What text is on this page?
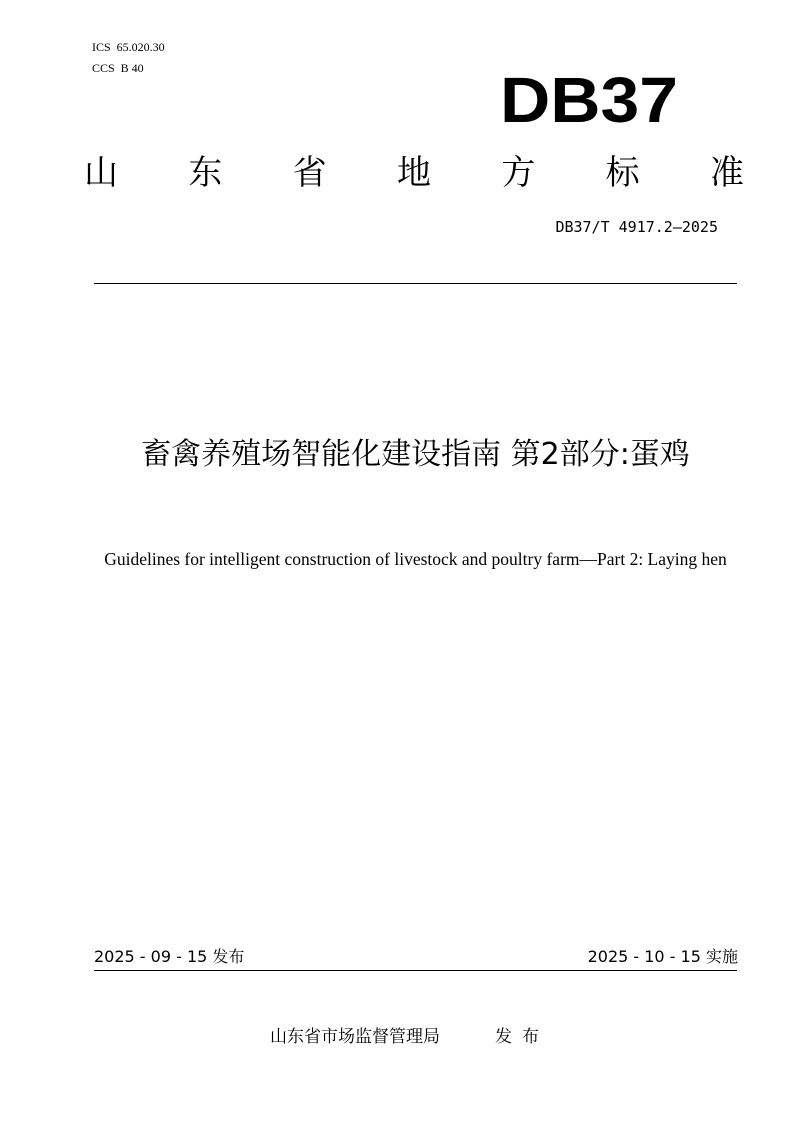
ICS  65.020.30
CCS  B 40	DB37
山 东 省 地 方 标 准
DB37/T 4917.2—2025
畜禽养殖场智能化建设指南 第2部分:蛋鸡
Guidelines for intelligent construction of livestock and poultry farm—Part 2: Laying hen
2025 - 09 - 15 发布	2025 - 10 - 15 实施
山东省市场监督管理局	发布
